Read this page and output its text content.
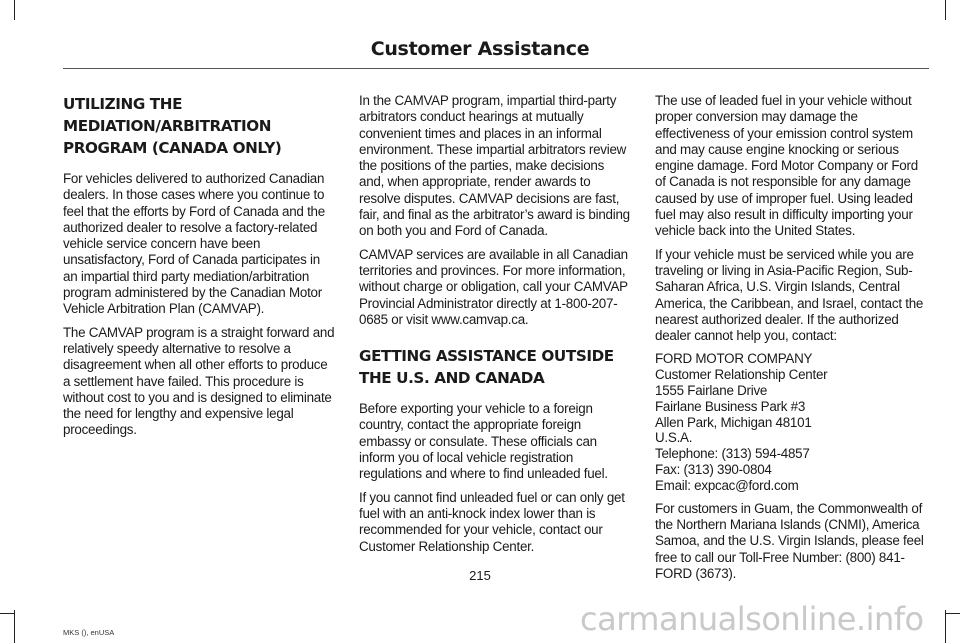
Customer Assistance
UTILIZING THE MEDIATION/ARBITRATION PROGRAM (CANADA ONLY)

For vehicles delivered to authorized Canadian dealers. In those cases where you continue to feel that the efforts by Ford of Canada and the authorized dealer to resolve a factory-related vehicle service concern have been unsatisfactory, Ford of Canada participates in an impartial third party mediation/arbitration program administered by the Canadian Motor Vehicle Arbitration Plan (CAMVAP).

The CAMVAP program is a straight forward and relatively speedy alternative to resolve a disagreement when all other efforts to produce a settlement have failed. This procedure is without cost to you and is designed to eliminate the need for lengthy and expensive legal proceedings.

In the CAMVAP program, impartial third-party arbitrators conduct hearings at mutually convenient times and places in an informal environment. These impartial arbitrators review the positions of the parties, make decisions and, when appropriate, render awards to resolve disputes. CAMVAP decisions are fast, fair, and final as the arbitrator’s award is binding on both you and Ford of Canada.

CAMVAP services are available in all Canadian territories and provinces. For more information, without charge or obligation, call your CAMVAP Provincial Administrator directly at 1-800-207-0685 or visit www.camvap.ca.

GETTING ASSISTANCE OUTSIDE THE U.S. AND CANADA

Before exporting your vehicle to a foreign country, contact the appropriate foreign embassy or consulate. These officials can inform you of local vehicle registration regulations and where to find unleaded fuel.

If you cannot find unleaded fuel or can only get fuel with an anti-knock index lower than is recommended for your vehicle, contact our Customer Relationship Center.

The use of leaded fuel in your vehicle without proper conversion may damage the effectiveness of your emission control system and may cause engine knocking or serious engine damage. Ford Motor Company or Ford of Canada is not responsible for any damage caused by use of improper fuel. Using leaded fuel may also result in difficulty importing your vehicle back into the United States.

If your vehicle must be serviced while you are traveling or living in Asia-Pacific Region, Sub-Saharan Africa, U.S. Virgin Islands, Central America, the Caribbean, and Israel, contact the nearest authorized dealer. If the authorized dealer cannot help you, contact:

FORD MOTOR COMPANY
Customer Relationship Center
1555 Fairlane Drive
Fairlane Business Park #3
Allen Park, Michigan 48101
U.S.A.
Telephone: (313) 594-4857
Fax: (313) 390-0804
Email: expcac@ford.com

For customers in Guam, the Commonwealth of the Northern Mariana Islands (CNMI), America Samoa, and the U.S. Virgin Islands, please feel free to call our Toll-Free Number: (800) 841-FORD (3673).

215
MKS (), enUSA	carmanualsonline.info
